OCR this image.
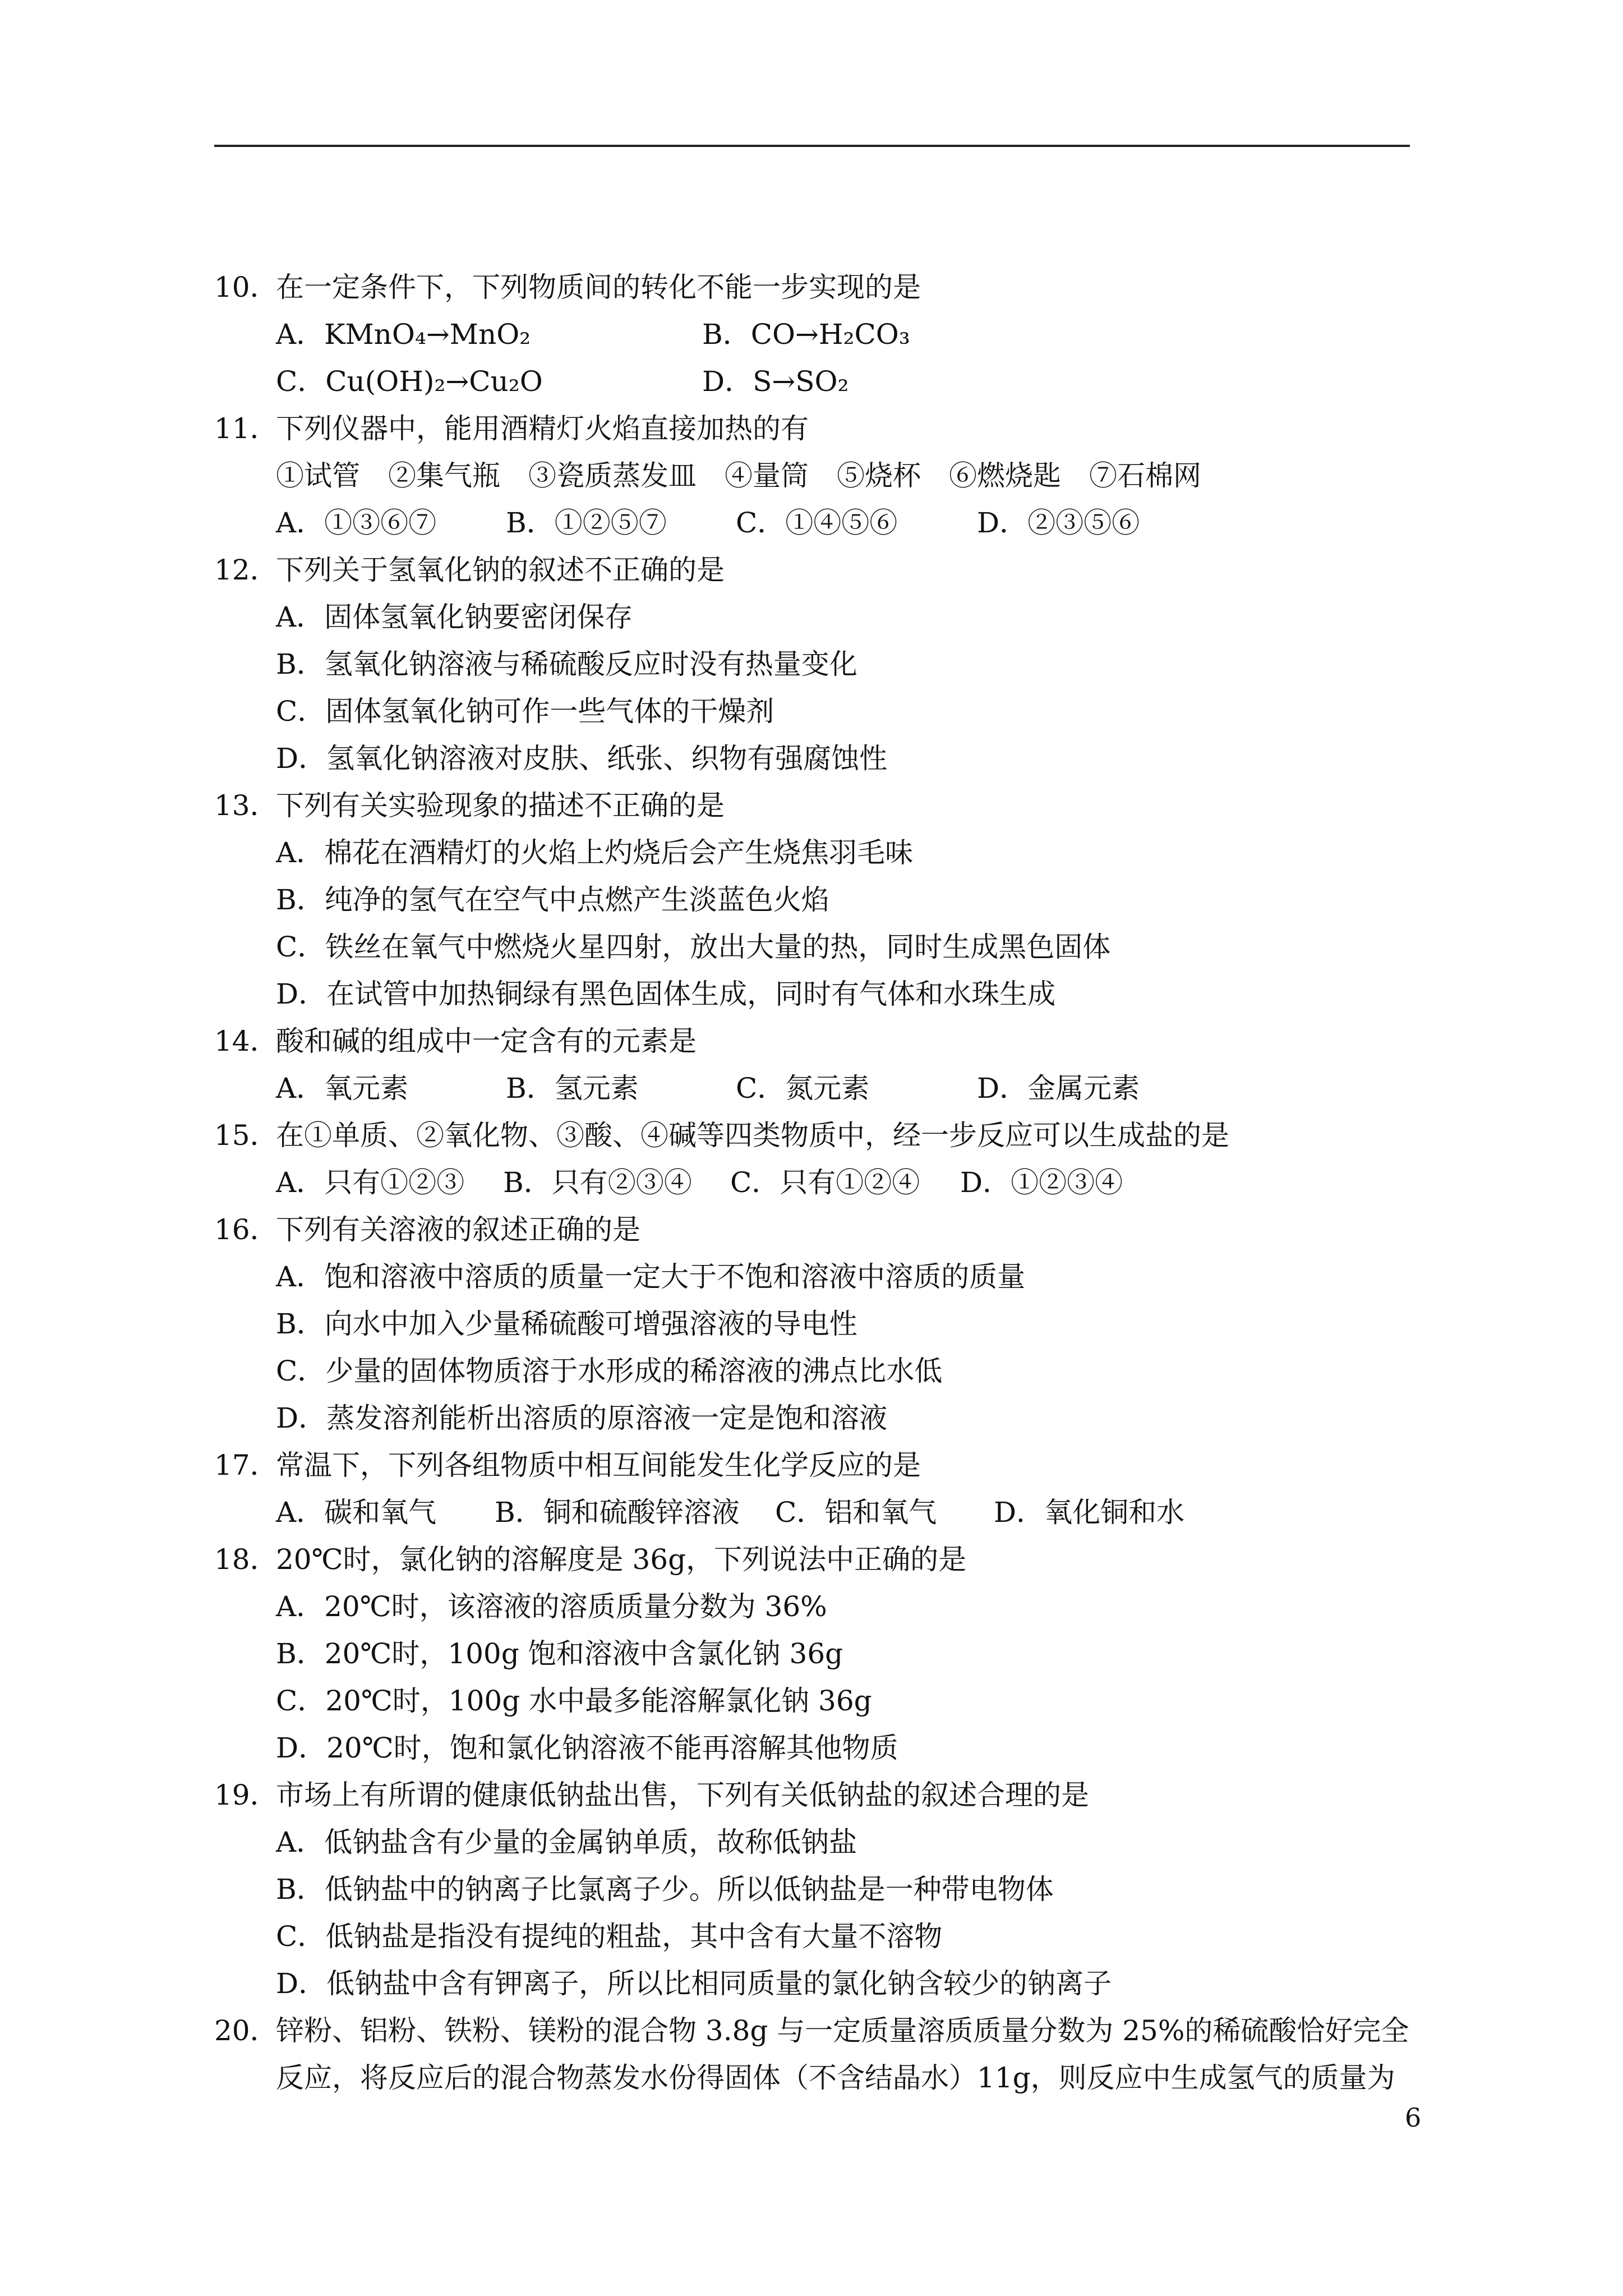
10．在一定条件下，下列物质间的转化不能一步实现的是
A．KMnO₄→MnO₂	B．CO→H₂CO₃
C．Cu(OH)₂→Cu₂O	D．S→SO₂
11．下列仪器中，能用酒精灯火焰直接加热的有
①试管　②集气瓶　③瓷质蒸发皿　④量筒　⑤烧杯　⑥燃烧匙　⑦石棉网
A．①③⑥⑦	B．①②⑤⑦	C．①④⑤⑥	D．②③⑤⑥
12．下列关于氢氧化钠的叙述不正确的是
A．固体氢氧化钠要密闭保存
B．氢氧化钠溶液与稀硫酸反应时没有热量变化
C．固体氢氧化钠可作一些气体的干燥剂
D．氢氧化钠溶液对皮肤、纸张、织物有强腐蚀性
13．下列有关实验现象的描述不正确的是
A．棉花在酒精灯的火焰上灼烧后会产生烧焦羽毛味
B．纯净的氢气在空气中点燃产生淡蓝色火焰
C．铁丝在氧气中燃烧火星四射，放出大量的热，同时生成黑色固体
D．在试管中加热铜绿有黑色固体生成，同时有气体和水珠生成
14．酸和碱的组成中一定含有的元素是
A．氧元素	B．氢元素	C．氮元素	D．金属元素
15．在①单质、②氧化物、③酸、④碱等四类物质中，经一步反应可以生成盐的是
A．只有①②③	B．只有②③④	C．只有①②④	D．①②③④
16．下列有关溶液的叙述正确的是
A．饱和溶液中溶质的质量一定大于不饱和溶液中溶质的质量
B．向水中加入少量稀硫酸可增强溶液的导电性
C．少量的固体物质溶于水形成的稀溶液的沸点比水低
D．蒸发溶剂能析出溶质的原溶液一定是饱和溶液
17．常温下，下列各组物质中相互间能发生化学反应的是
A．碳和氧气	B．铜和硫酸锌溶液	C．铝和氧气	D．氧化铜和水
18．20℃时，氯化钠的溶解度是 36g，下列说法中正确的是
A．20℃时，该溶液的溶质质量分数为 36%
B．20℃时，100g 饱和溶液中含氯化钠 36g
C．20℃时，100g 水中最多能溶解氯化钠 36g
D．20℃时，饱和氯化钠溶液不能再溶解其他物质
19．市场上有所谓的健康低钠盐出售，下列有关低钠盐的叙述合理的是
A．低钠盐含有少量的金属钠单质，故称低钠盐
B．低钠盐中的钠离子比氯离子少。所以低钠盐是一种带电物体
C．低钠盐是指没有提纯的粗盐，其中含有大量不溶物
D．低钠盐中含有钾离子，所以比相同质量的氯化钠含较少的钠离子
20．锌粉、铝粉、铁粉、镁粉的混合物 3.8g 与一定质量溶质质量分数为 25%的稀硫酸恰好完全
反应，将反应后的混合物蒸发水份得固体（不含结晶水）11g，则反应中生成氢气的质量为
6
